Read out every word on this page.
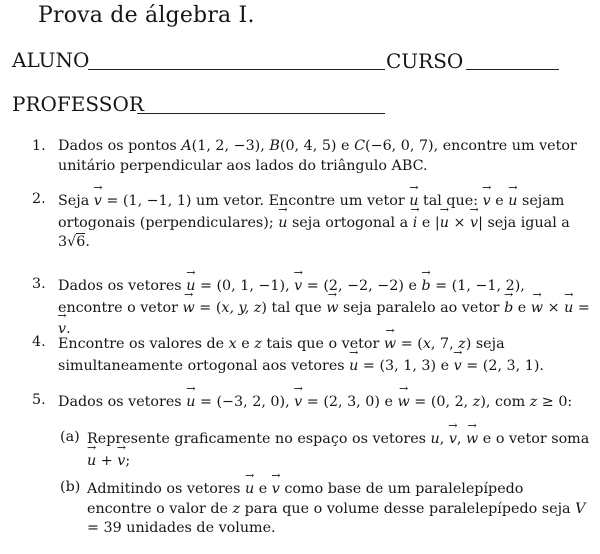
Prova de álgebra I.
ALUNO	CURSO
PROFESSOR
1. Dados os pontos A(1, 2, −3), B(0, 4, 5) e C(−6, 0, 7), encontre um vetor unitário perpendicular aos lados do triângulo ABC.
2. Seja → v = (1, −1, 1) um vetor. Encontre um vetor → u tal que: → v e → u sejam ortogonais (perpendiculares); → u seja ortogonal a → i e |→ u × → v| seja igual a 3√6.
3. Dados os vetores → u = (0, 1, −1), → v = (2, −2, −2) e → b = (1, −1, 2), encontre o vetor → w = (x, y, z) tal que → w seja paralelo ao vetor → b e → w × → u = → v.
4. Encontre os valores de x e z tais que o vetor → w = (x, 7, z) seja simultaneamente ortogonal aos vetores → u = (3, 1, 3) e → v = (2, 3, 1).
5. Dados os vetores → u = (−3, 2, 0), → v = (2, 3, 0) e → w = (0, 2, z), com z ≥ 0:
(a) Represente graficamente no espaço os vetores u, → v, → w e o vetor soma → u + → v;
(b) Admitindo os vetores → u e → v como base de um paralelepípedo encontre o valor de z para que o volume desse paralelepípedo seja V = 39 unidades de volume.
